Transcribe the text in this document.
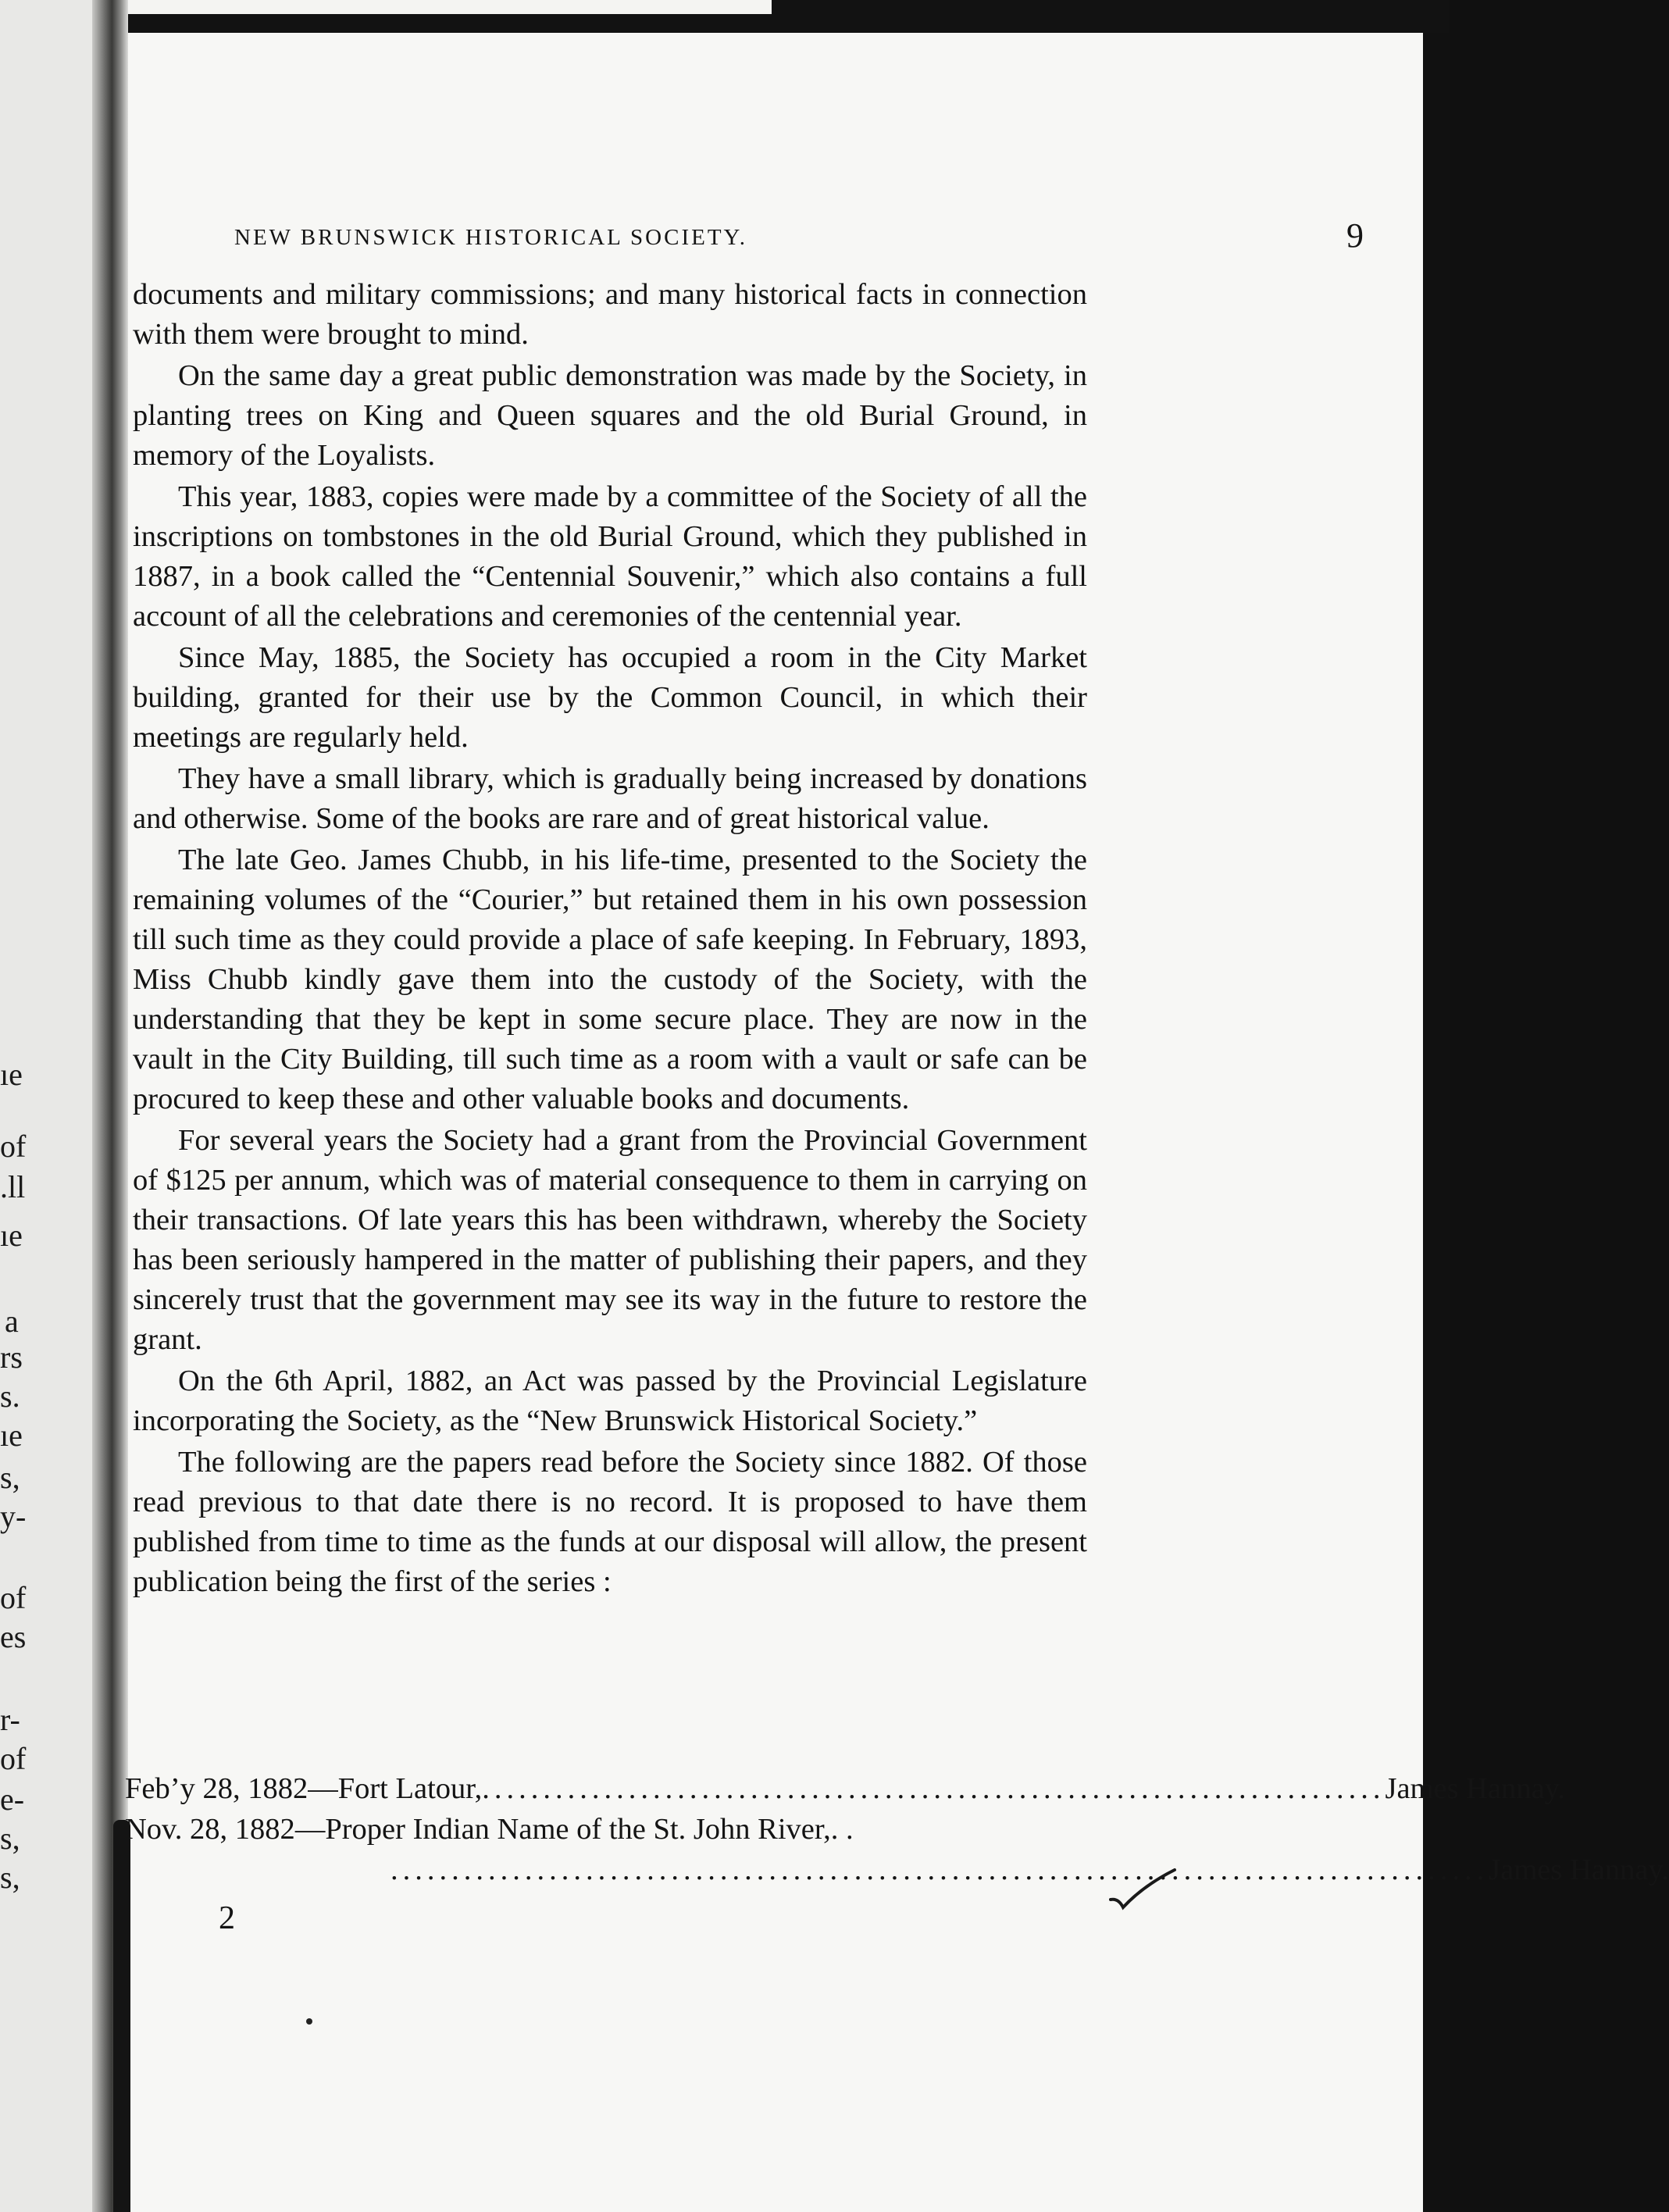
ıe
of
.ll
ıe
a
rs
s.
ıe
s,
y-
of
es
r-
of
e-
s,
s,
NEW BRUNSWICK HISTORICAL SOCIETY.	9

documents and military commissions; and many historical facts in connection with them were brought to mind.

On the same day a great public demonstration was made by the Society, in planting trees on King and Queen squares and the old Burial Ground, in memory of the Loyalists.

This year, 1883, copies were made by a committee of the Society of all the inscriptions on tombstones in the old Burial Ground, which they published in 1887, in a book called the “Centennial Souvenir,” which also contains a full account of all the celebrations and ceremonies of the centennial year.

Since May, 1885, the Society has occupied a room in the City Market building, granted for their use by the Common Council, in which their meetings are regularly held.

They have a small library, which is gradually being increased by donations and otherwise. Some of the books are rare and of great historical value.

The late Geo. James Chubb, in his life-time, presented to the Society the remaining volumes of the “Courier,” but retained them in his own possession till such time as they could provide a place of safe keeping. In February, 1893, Miss Chubb kindly gave them into the custody of the Society, with the understanding that they be kept in some secure place. They are now in the vault in the City Building, till such time as a room with a vault or safe can be procured to keep these and other valuable books and documents.

For several years the Society had a grant from the Provincial Government of $125 per annum, which was of material consequence to them in carrying on their transactions. Of late years this has been withdrawn, whereby the Society has been seriously hampered in the matter of publishing their papers, and they sincerely trust that the government may see its way in the future to restore the grant.

On the 6th April, 1882, an Act was passed by the Provincial Legislature incorporating the Society, as the “New Brunswick Historical Society.”

The following are the papers read before the Society since 1882. Of those read previous to that date there is no record. It is proposed to have them published from time to time as the funds at our disposal will allow, the present publication being the first of the series :

Feb’y 28, 1882 — Fort Latour, .......................................................................... James Hannay.
Nov. 28, 1882 — Proper Indian Name of the St. John River,. .
.......................................................................................... James Hannay.
2
